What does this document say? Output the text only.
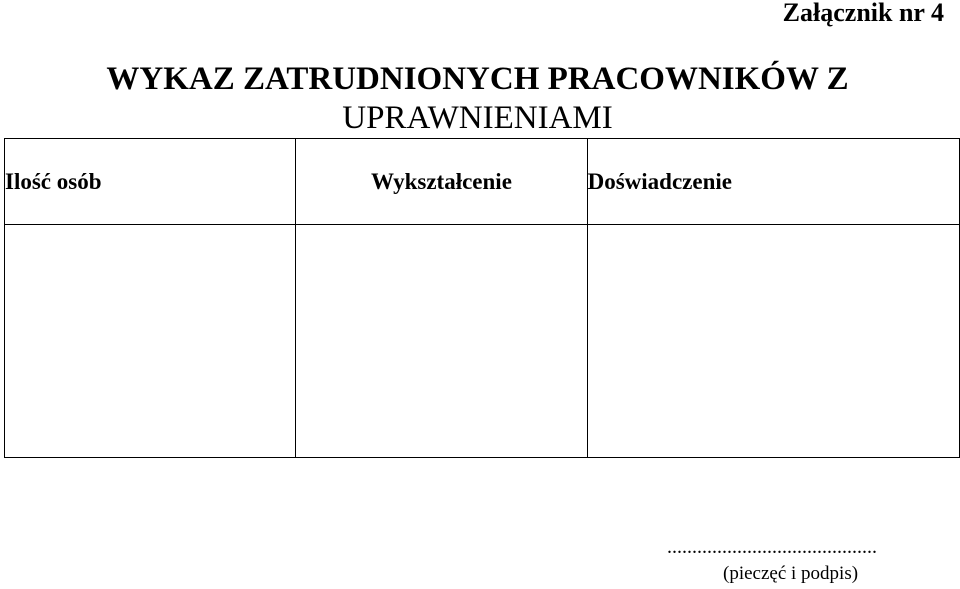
Załącznik nr 4
WYKAZ ZATRUDNIONYCH PRACOWNIKÓW Z
UPRAWNIENIAMI
Ilość osób	Wykształcenie	Doświadczenie

..........................................
(pieczęć i podpis)
